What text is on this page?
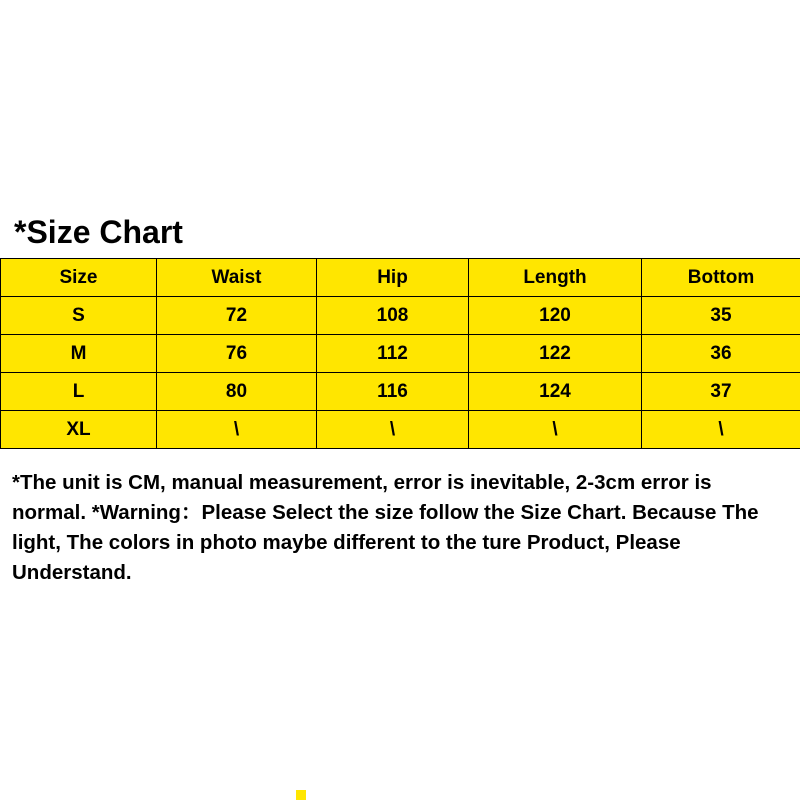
*Size Chart
Size	Waist	Hip	Length	Bottom
S	72	108	120	35
M	76	112	122	36
L	80	116	124	37
XL	\	\	\	\
*The unit is CM, manual measurement, error is inevitable, 2-3cm error is normal. *Warning：Please Select the size follow the Size Chart. Because The light, The colors in photo maybe different to the ture Product, Please Understand.
